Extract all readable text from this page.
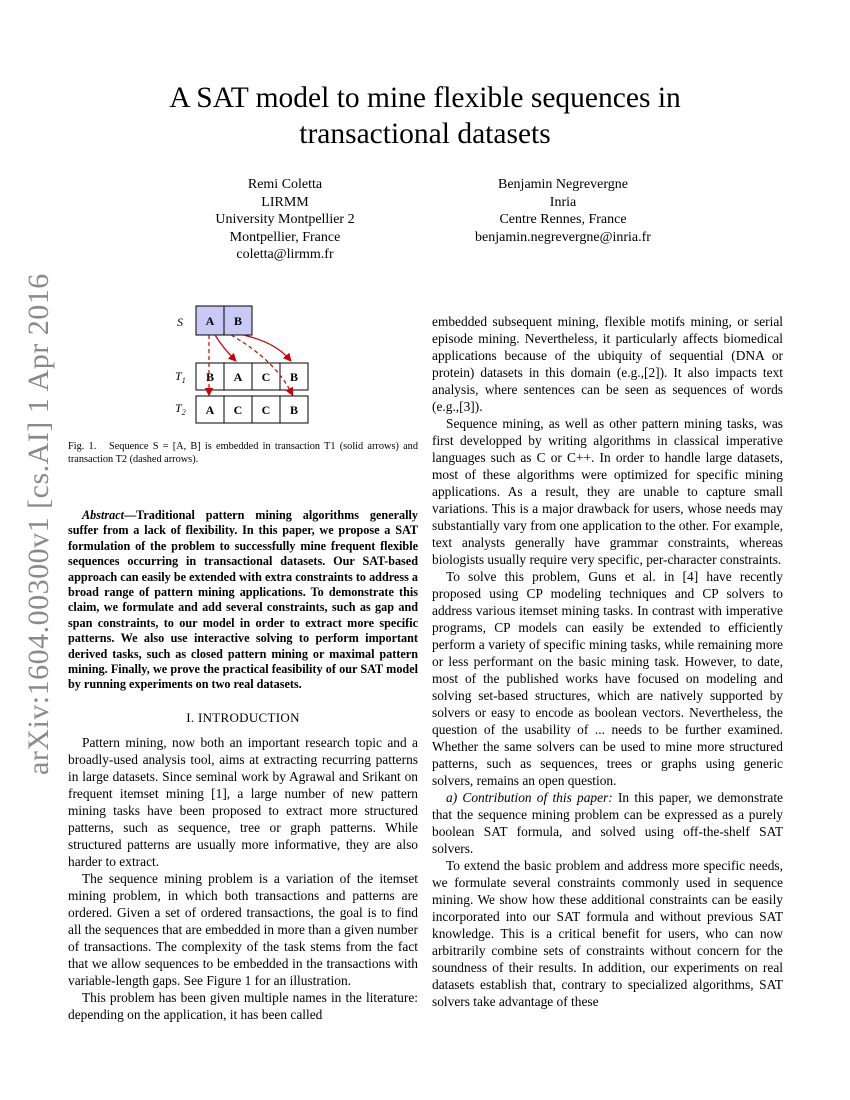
arXiv:1604.00300v1 [cs.AI] 1 Apr 2016
A SAT model to mine flexible sequences in
transactional datasets
Remi Coletta
LIRMM
University Montpellier 2
Montpellier, France
coletta@lirmm.fr
Benjamin Negrevergne
Inria
Centre Rennes, France
benjamin.negrevergne@inria.fr
S A B
$T_1$ B A C B
$T_2$ A C C B
Fig. 1. Sequence S = [A, B] is embedded in transaction T1 (solid arrows) and transaction T2 (dashed arrows).
Abstract—Traditional pattern mining algorithms generally suffer from a lack of flexibility. In this paper, we propose a SAT formulation of the problem to successfully mine frequent flexible sequences occurring in transactional datasets. Our SAT-based approach can easily be extended with extra constraints to address a broad range of pattern mining applications. To demonstrate this claim, we formulate and add several constraints, such as gap and span constraints, to our model in order to extract more specific patterns. We also use interactive solving to perform important derived tasks, such as closed pattern mining or maximal pattern mining. Finally, we prove the practical feasibility of our SAT model by running experiments on two real datasets.
I. INTRODUCTION

Pattern mining, now both an important research topic and a broadly-used analysis tool, aims at extracting recurring patterns in large datasets. Since seminal work by Agrawal and Srikant on frequent itemset mining [1], a large number of new pattern mining tasks have been proposed to extract more structured patterns, such as sequence, tree or graph patterns. While structured patterns are usually more informative, they are also harder to extract.

The sequence mining problem is a variation of the itemset mining problem, in which both transactions and patterns are ordered. Given a set of ordered transactions, the goal is to find all the sequences that are embedded in more than a given number of transactions. The complexity of the task stems from the fact that we allow sequences to be embedded in the transactions with variable-length gaps. See Figure 1 for an illustration.

This problem has been given multiple names in the literature: depending on the application, it has been called

embedded subsequent mining, flexible motifs mining, or serial episode mining. Nevertheless, it particularly affects biomedical applications because of the ubiquity of sequential (DNA or protein) datasets in this domain (e.g.,[2]). It also impacts text analysis, where sentences can be seen as sequences of words (e.g.,[3]).

Sequence mining, as well as other pattern mining tasks, was first developped by writing algorithms in classical imperative languages such as C or C++. In order to handle large datasets, most of these algorithms were optimized for specific mining applications. As a result, they are unable to capture small variations. This is a major drawback for users, whose needs may substantially vary from one application to the other. For example, text analysts generally have grammar constraints, whereas biologists usually require very specific, per-character constraints.

To solve this problem, Guns et al. in [4] have recently proposed using CP modeling techniques and CP solvers to address various itemset mining tasks. In contrast with imperative programs, CP models can easily be extended to efficiently perform a variety of specific mining tasks, while remaining more or less performant on the basic mining task. However, to date, most of the published works have focused on modeling and solving set-based structures, which are natively supported by solvers or easy to encode as boolean vectors. Nevertheless, the question of the usability of ... needs to be further examined. Whether the same solvers can be used to mine more structured patterns, such as sequences, trees or graphs using generic solvers, remains an open question.

a) Contribution of this paper: In this paper, we demonstrate that the sequence mining problem can be expressed as a purely boolean SAT formula, and solved using off-the-shelf SAT solvers.

To extend the basic problem and address more specific needs, we formulate several constraints commonly used in sequence mining. We show how these additional constraints can be easily incorporated into our SAT formula and without previous SAT knowledge. This is a critical benefit for users, who can now arbitrarily combine sets of constraints without concern for the soundness of their results. In addition, our experiments on real datasets establish that, contrary to specialized algorithms, SAT solvers take advantage of these
